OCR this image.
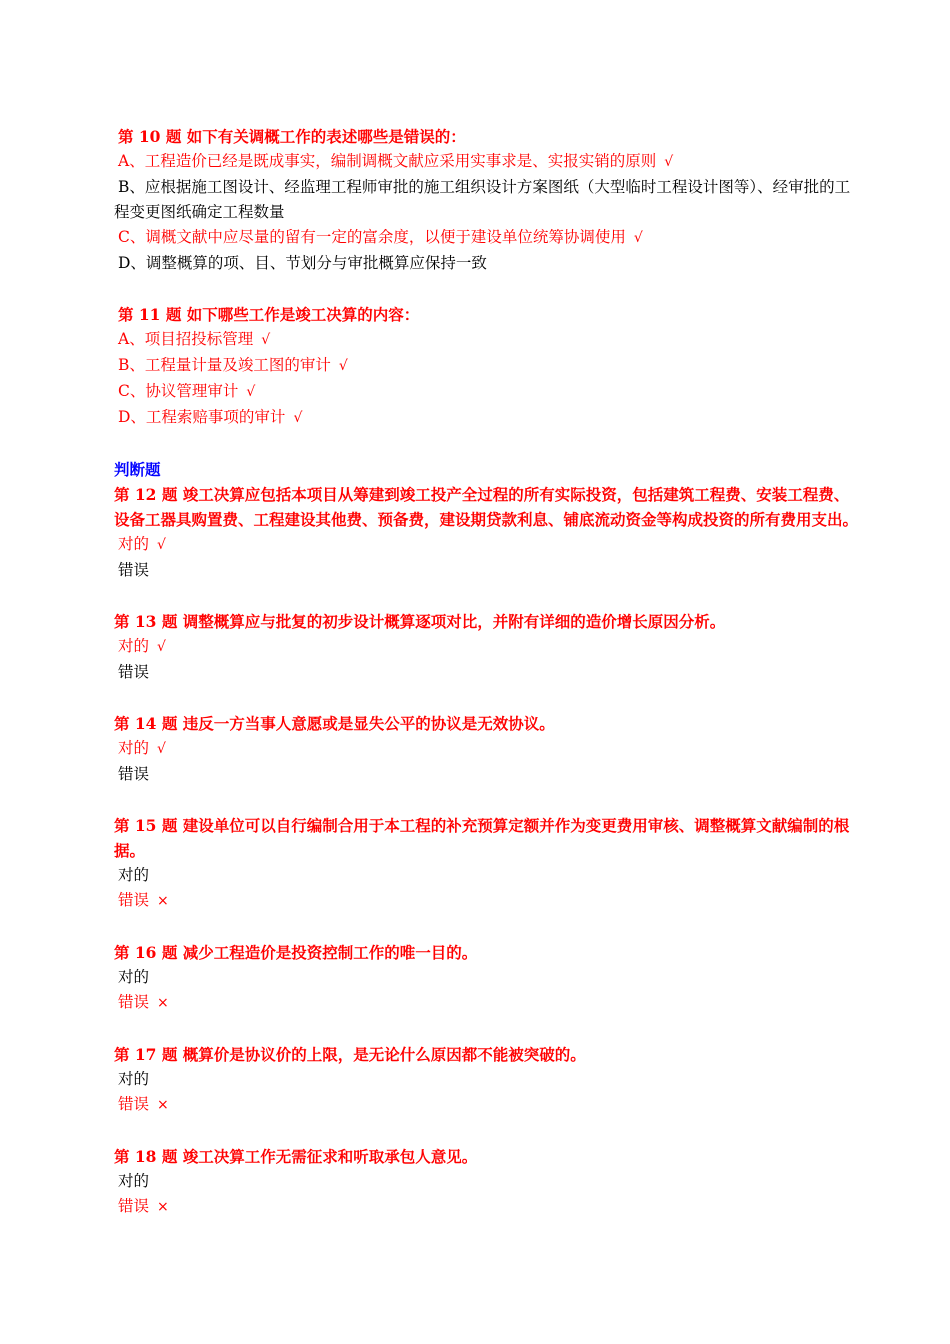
第 10 题 如下有关调概工作的表述哪些是错误的：
A、工程造价已经是既成事实，编制调概文献应采用实事求是、实报实销的原则 √
B、应根据施工图设计、经监理工程师审批的施工组织设计方案图纸（大型临时工程设计图等）、经审批的工程变更图纸确定工程数量
C、调概文献中应尽量的留有一定的富余度，以便于建设单位统筹协调使用 √
D、调整概算的项、目、节划分与审批概算应保持一致
第 11 题 如下哪些工作是竣工决算的内容：
A、项目招投标管理 √
B、工程量计量及竣工图的审计 √
C、协议管理审计 √
D、工程索赔事项的审计 √
判断题
第 12 题 竣工决算应包括本项目从筹建到竣工投产全过程的所有实际投资，包括建筑工程费、安装工程费、设备工器具购置费、工程建设其他费、预备费，建设期贷款利息、铺底流动资金等构成投资的所有费用支出。
对的 √
错误
第 13 题 调整概算应与批复的初步设计概算逐项对比，并附有详细的造价增长原因分析。
对的 √
错误
第 14 题 违反一方当事人意愿或是显失公平的协议是无效协议。
对的 √
错误
第 15 题 建设单位可以自行编制合用于本工程的补充预算定额并作为变更费用审核、调整概算文献编制的根据。
对的
错误 ×
第 16 题 减少工程造价是投资控制工作的唯一目的。
对的
错误 ×
第 17 题 概算价是协议价的上限，是无论什么原因都不能被突破的。
对的
错误 ×
第 18 题 竣工决算工作无需征求和听取承包人意见。
对的
错误 ×
